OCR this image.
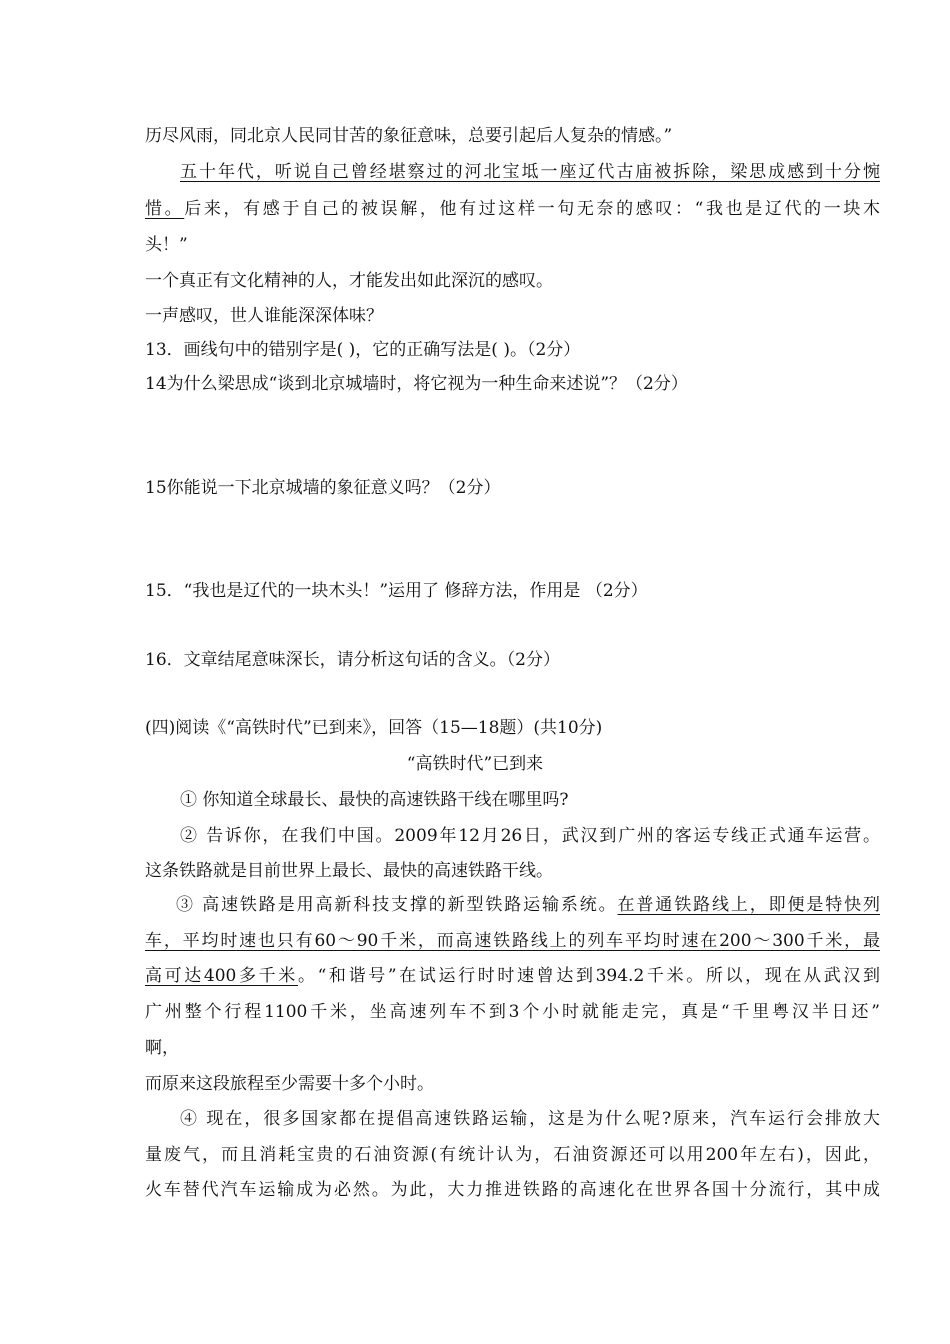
历尽风雨，同北京人民同甘苦的象征意味，总要引起后人复杂的情感。”
五十年代，听说自己曾经堪察过的河北宝坻一座辽代古庙被拆除，梁思成感到十分惋
惜。后来，有感于自己的被误解，他有过这样一句无奈的感叹：“我也是辽代的一块木
头！”
一个真正有文化精神的人，才能发出如此深沉的感叹。
一声感叹，世人谁能深深体味？
13．画线句中的错别字是( )，它的正确写法是( )。（2分）
14为什么梁思成“谈到北京城墙时，将它视为一种生命来述说”？（2分）
15你能说一下北京城墙的象征意义吗？（2分）
15．“我也是辽代的一块木头！”运用了 修辞方法，作用是 （2分）
16．文章结尾意味深长，请分析这句话的含义。（2分）
(四)阅读《“高铁时代”已到来》，回答（15—18题）(共10分)
“高铁时代”已到来
① 你知道全球最长、最快的高速铁路干线在哪里吗?
② 告诉你，在我们中国。2009年12月26日，武汉到广州的客运专线正式通车运营。
这条铁路就是目前世界上最长、最快的高速铁路干线。
③ 高速铁路是用高新科技支撑的新型铁路运输系统。在普通铁路线上，即便是特快列
车，平均时速也只有60～90千米，而高速铁路线上的列车平均时速在200～300千米，最
高可达400多千米。“和谐号”在试运行时时速曾达到394.2千米。所以，现在从武汉到
广州整个行程1100千米，坐高速列车不到3个小时就能走完，真是“千里粤汉半日还”
啊，
而原来这段旅程至少需要十多个小时。
④ 现在，很多国家都在提倡高速铁路运输，这是为什么呢?原来，汽车运行会排放大
量废气，而且消耗宝贵的石油资源(有统计认为，石油资源还可以用200年左右)，因此，
火车替代汽车运输成为必然。为此，大力推进铁路的高速化在世界各国十分流行，其中成
